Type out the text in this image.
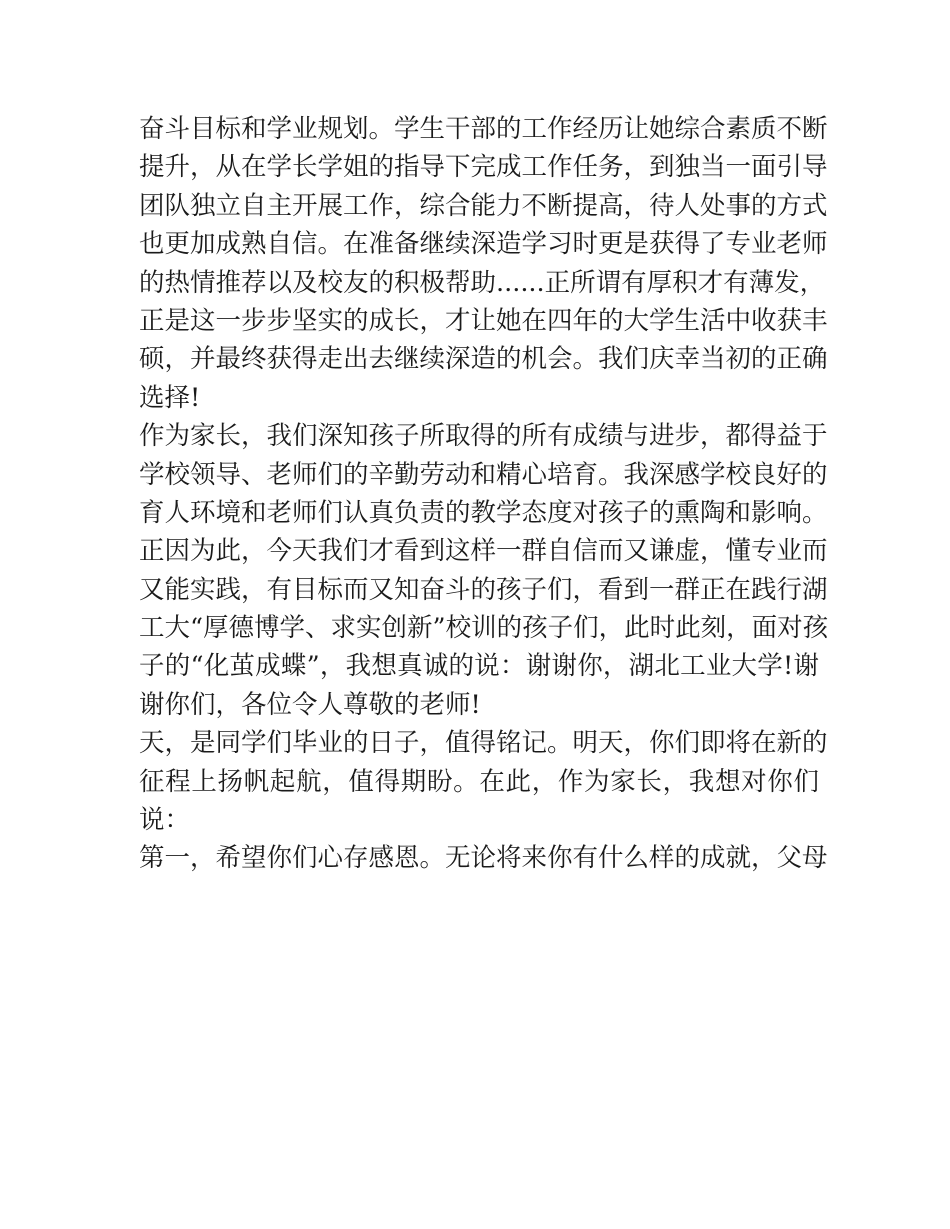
奋斗目标和学业规划。学生干部的工作经历让她综合素质不断
提升，从在学长学姐的指导下完成工作任务，到独当一面引导
团队独立自主开展工作，综合能力不断提高，待人处事的方式
也更加成熟自信。在准备继续深造学习时更是获得了专业老师
的热情推荐以及校友的积极帮助......正所谓有厚积才有薄发，
正是这一步步坚实的成长，才让她在四年的大学生活中收获丰
硕，并最终获得走出去继续深造的机会。我们庆幸当初的正确
选择!
作为家长，我们深知孩子所取得的所有成绩与进步，都得益于
学校领导、老师们的辛勤劳动和精心培育。我深感学校良好的
育人环境和老师们认真负责的教学态度对孩子的熏陶和影响。
正因为此，今天我们才看到这样一群自信而又谦虚，懂专业而
又能实践，有目标而又知奋斗的孩子们，看到一群正在践行湖
工大“厚德博学、求实创新”校训的孩子们，此时此刻，面对孩
子的“化茧成蝶”，我想真诚的说：谢谢你，湖北工业大学!谢
谢你们，各位令人尊敬的老师!
天，是同学们毕业的日子，值得铭记。明天，你们即将在新的
征程上扬帆起航，值得期盼。在此，作为家长，我想对你们
说：
第一，希望你们心存感恩。无论将来你有什么样的成就，父母
